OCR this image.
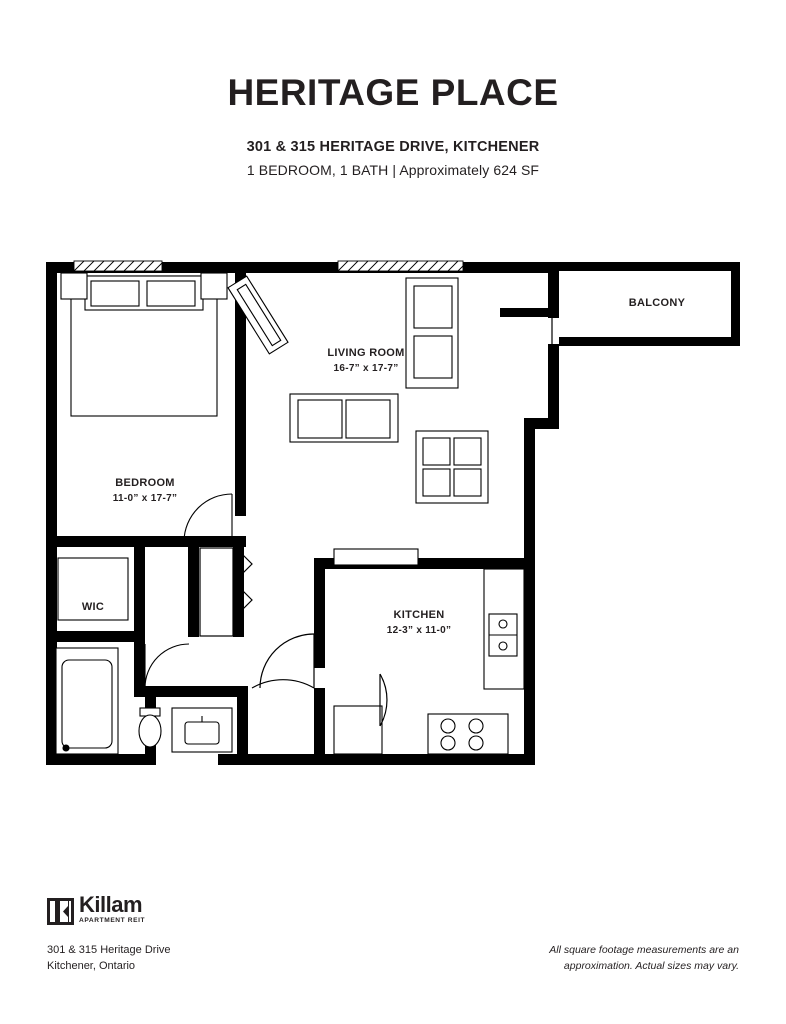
HERITAGE PLACE
301 & 315 HERITAGE DRIVE, KITCHENER
1 BEDROOM, 1 BATH | Approximately 624 SF
BALCONY
LIVING ROOM
16-7” x 17-7”
BEDROOM
11-0” x 17-7”
WIC
KITCHEN
12-3” x 11-0”
Killam
APARTMENT REIT
301 & 315 Heritage Drive
Kitchener, Ontario
All square footage measurements are an
approximation. Actual sizes may vary.
